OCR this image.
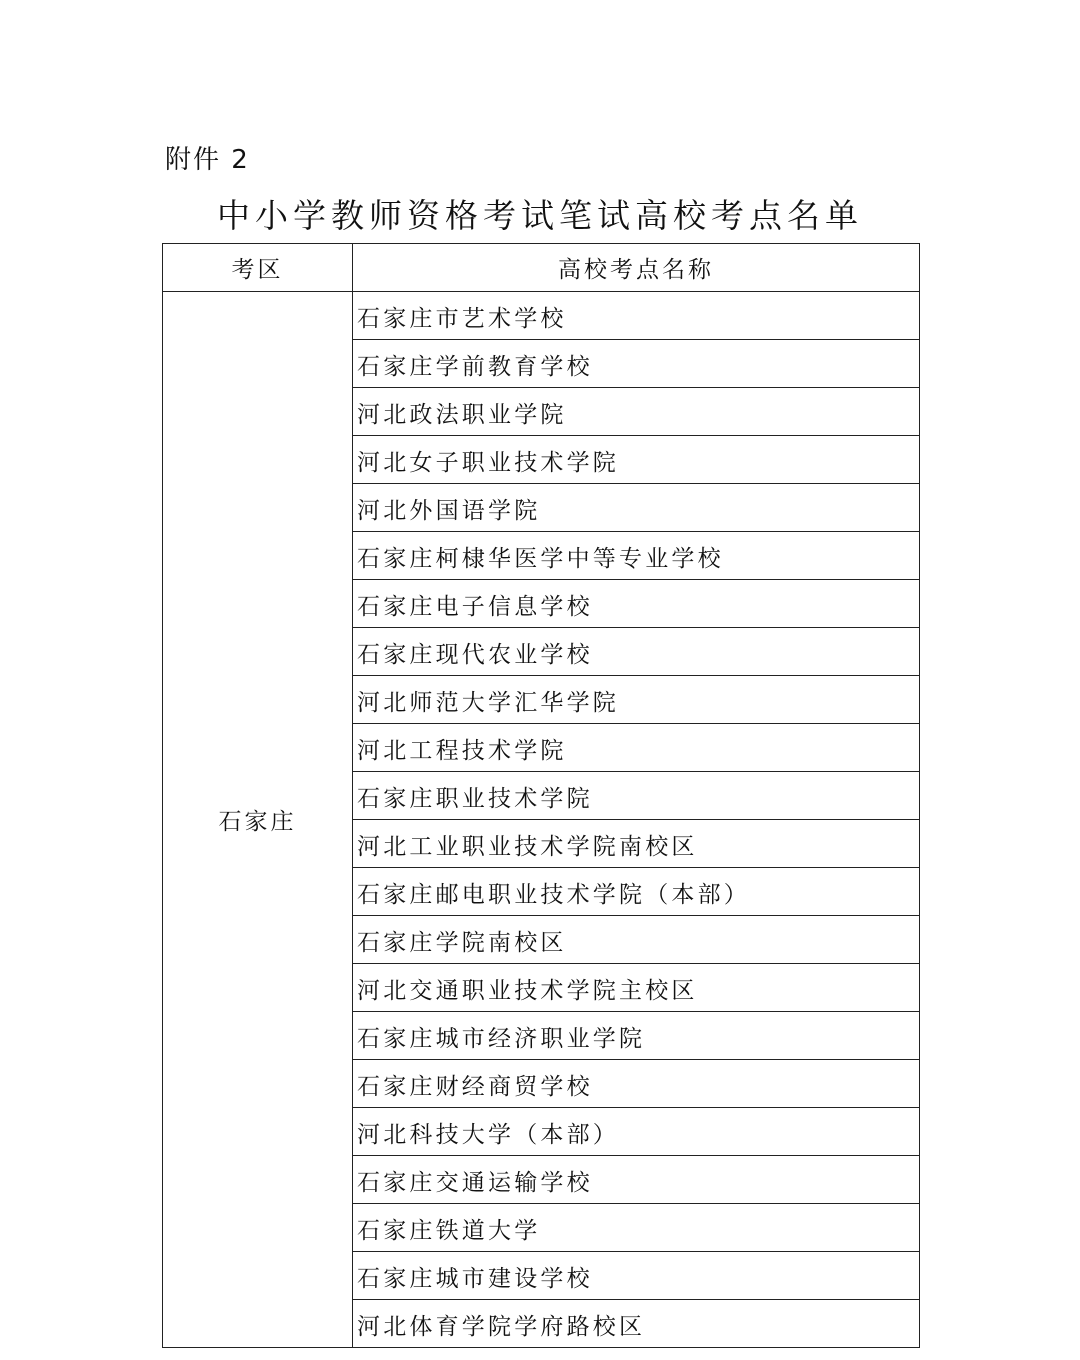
附件 2
中小学教师资格考试笔试高校考点名单
考区	高校考点名称
石家庄	石家庄市艺术学校
	石家庄学前教育学校
	河北政法职业学院
	河北女子职业技术学院
	河北外国语学院
	石家庄柯棣华医学中等专业学校
	石家庄电子信息学校
	石家庄现代农业学校
	河北师范大学汇华学院
	河北工程技术学院
	石家庄职业技术学院
	河北工业职业技术学院南校区
	石家庄邮电职业技术学院（本部）
	石家庄学院南校区
	河北交通职业技术学院主校区
	石家庄城市经济职业学院
	石家庄财经商贸学校
	河北科技大学（本部）
	石家庄交通运输学校
	石家庄铁道大学
	石家庄城市建设学校
	河北体育学院学府路校区
